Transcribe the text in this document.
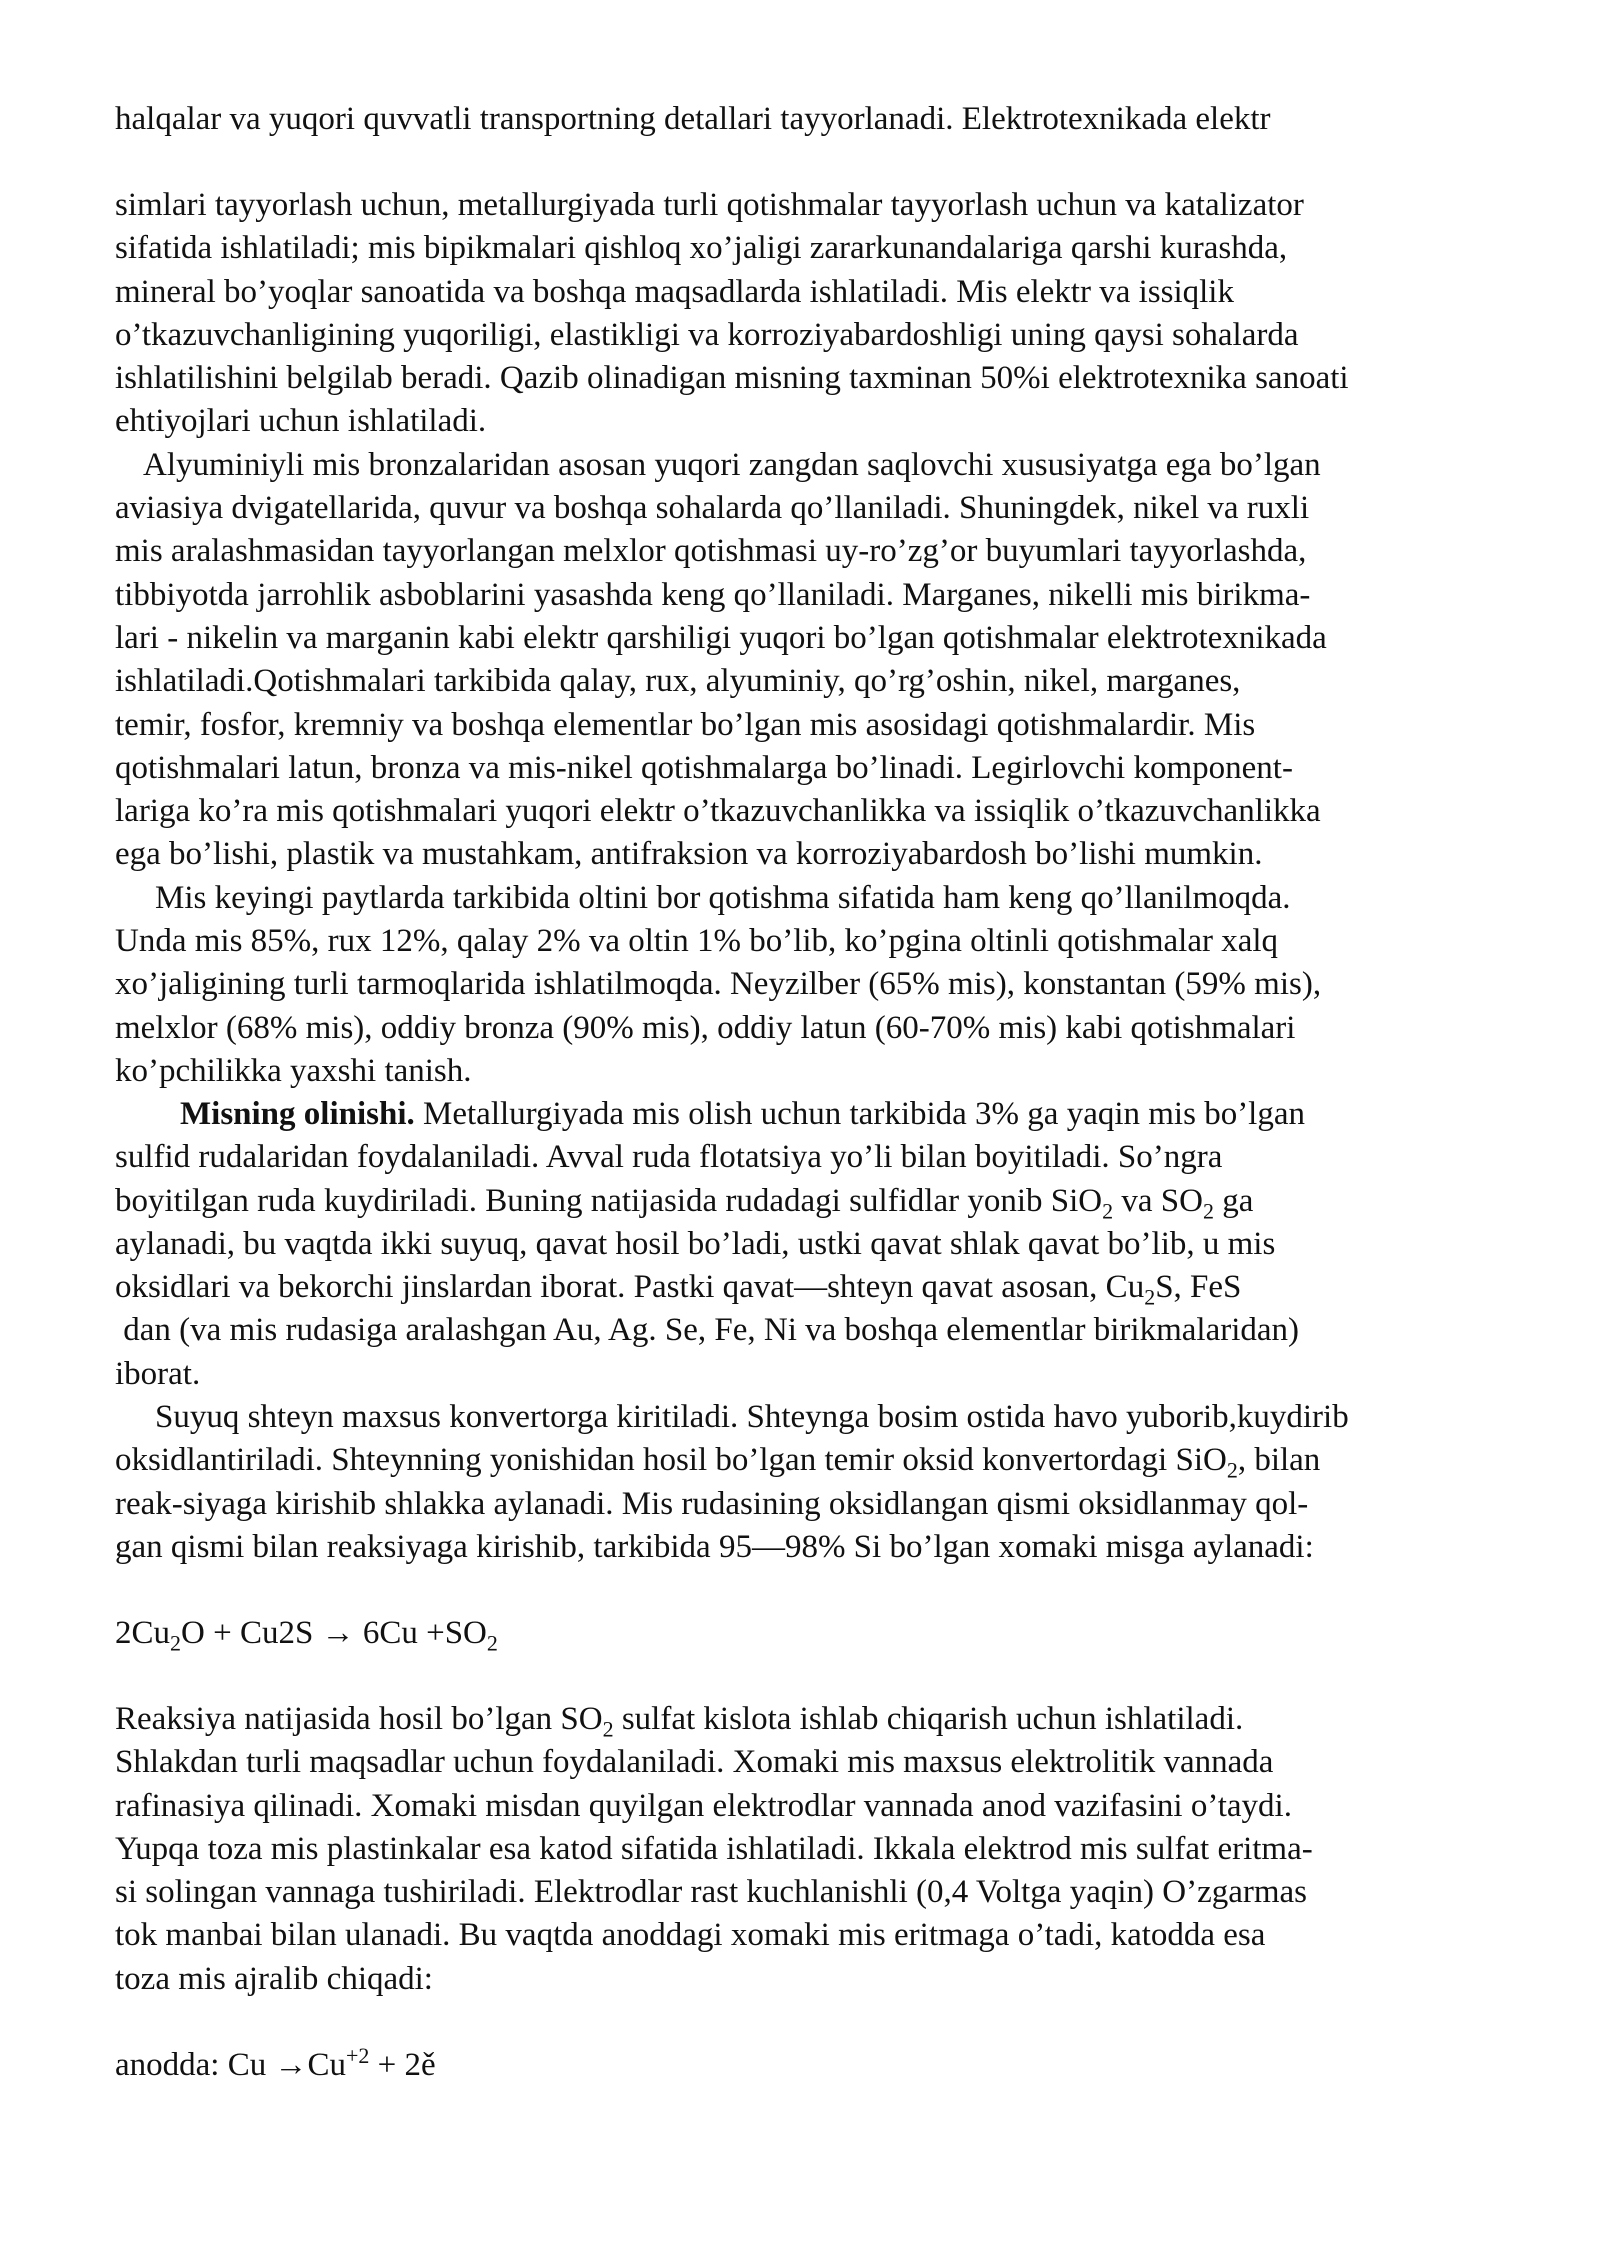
halqalar va yuqori quvvatli transportning detallari tayyorlanadi. Elektrotexnikada elektr

simlari tayyorlash uchun, metallurgiyada turli qotishmalar tayyorlash uchun va katalizator
sifatida ishlatiladi; mis bipikmalari qishloq xo’jaligi zararkunandalariga qarshi kurashda,
mineral bo’yoqlar sanoatida va boshqa maqsadlarda ishlatiladi. Mis elektr va issiqlik
o’tkazuvchanligining yuqoriligi, elastikligi va korroziyabardoshligi uning qaysi sohalarda
ishlatilishini belgilab beradi. Qazib olinadigan misning taxminan 50%i elektrotexnika sanoati
ehtiyojlari uchun ishlatiladi.
Alyuminiyli mis bronzalaridan asosan yuqori zangdan saqlovchi xususiyatga ega bo’lgan
aviasiya dvigatellarida, quvur va boshqa sohalarda qo’llaniladi. Shuningdek, nikel va ruxli
mis aralashmasidan tayyorlangan melxlor qotishmasi uy-ro’zg’or buyumlari tayyorlashda,
tibbiyotda jarrohlik asboblarini yasashda keng qo’llaniladi. Marganes, nikelli mis birikma-
lari - nikelin va marganin kabi elektr qarshiligi yuqori bo’lgan qotishmalar elektrotexnikada
ishlatiladi.Qotishmalari tarkibida qalay, rux, alyuminiy, qo’rg’oshin, nikel, marganes,
temir, fosfor, kremniy va boshqa elementlar bo’lgan mis asosidagi qotishmalardir. Mis
qotishmalari latun, bronza va mis-nikel qotishmalarga bo’linadi. Legirlovchi komponent-
lariga ko’ra mis qotishmalari yuqori elektr o’tkazuvchanlikka va issiqlik o’tkazuvchanlikka
ega bo’lishi, plastik va mustahkam, antifraksion va korroziyabardosh bo’lishi mumkin.
Mis keyingi paytlarda tarkibida oltini bor qotishma sifatida ham keng qo’llanilmoqda.
Unda mis 85%, rux 12%, qalay 2% va oltin 1% bo’lib, ko’pgina oltinli qotishmalar xalq
xo’jaligining turli tarmoqlarida ishlatilmoqda. Neyzilber (65% mis), konstantan (59% mis),
melxlor (68% mis), oddiy bronza (90% mis), oddiy latun (60-70% mis) kabi qotishmalari
ko’pchilikka yaxshi tanish.

Misning olinishi. Metallurgiyada mis olish uchun tarkibida 3% ga yaqin mis bo’lgan
sulfid rudalaridan foydalaniladi. Avval ruda flotatsiya yo’li bilan boyitiladi. So’ngra
boyitilgan ruda kuydiriladi. Buning natijasida rudadagi sulfidlar yonib SiO$_2$ va $SO_2$ ga
aylanadi, bu vaqtda ikki suyuq, qavat hosil bo’ladi, ustki qavat shlak qavat bo’lib, u mis
oksidlari va bekorchi jinslardan iborat. Pastki qavat—shteyn qavat asosan, $Cu_2S$, FeS
dan (va mis rudasiga aralashgan Au, Ag. Se, Fe, Ni va boshqa elementlar birikmalaridan)
iborat.
Suyuq shteyn maxsus konvertorga kiritiladi. Shteynga bosim ostida havo yuborib,kuydirib
oksidlantiriladi. Shteynning yonishidan hosil bo’lgan temir oksid konvertordagi SiO$_2$, bilan
reak-siyaga kirishib shlakka aylanadi. Mis rudasining oksidlangan qismi oksidlanmay qol-
gan qismi bilan reaksiyaga kirishib, tarkibida 95—98% Si bo’lgan xomaki misga aylanadi:

$2Cu_2O + Cu2S \to 6Cu +SO_2$

Reaksiya natijasida hosil bo’lgan $SO_2$ sulfat kislota ishlab chiqarish uchun ishlatiladi.
Shlakdan turli maqsadlar uchun foydalaniladi. Xomaki mis maxsus elektrolitik vannada
rafinasiya qilinadi. Xomaki misdan quyilgan elektrodlar vannada anod vazifasini o’taydi.
Yupqa toza mis plastinkalar esa katod sifatida ishlatiladi. Ikkala elektrod mis sulfat eritma-
si solingan vannaga tushiriladi. Elektrodlar rast kuchlanishli (0,4 Voltga yaqin) O’zgarmas
tok manbai bilan ulanadi. Bu vaqtda anoddagi xomaki mis eritmaga o’tadi, katodda esa
toza mis ajralib chiqadi:

anodda: $Cu \to Cu^{+2}$ + 2ě
